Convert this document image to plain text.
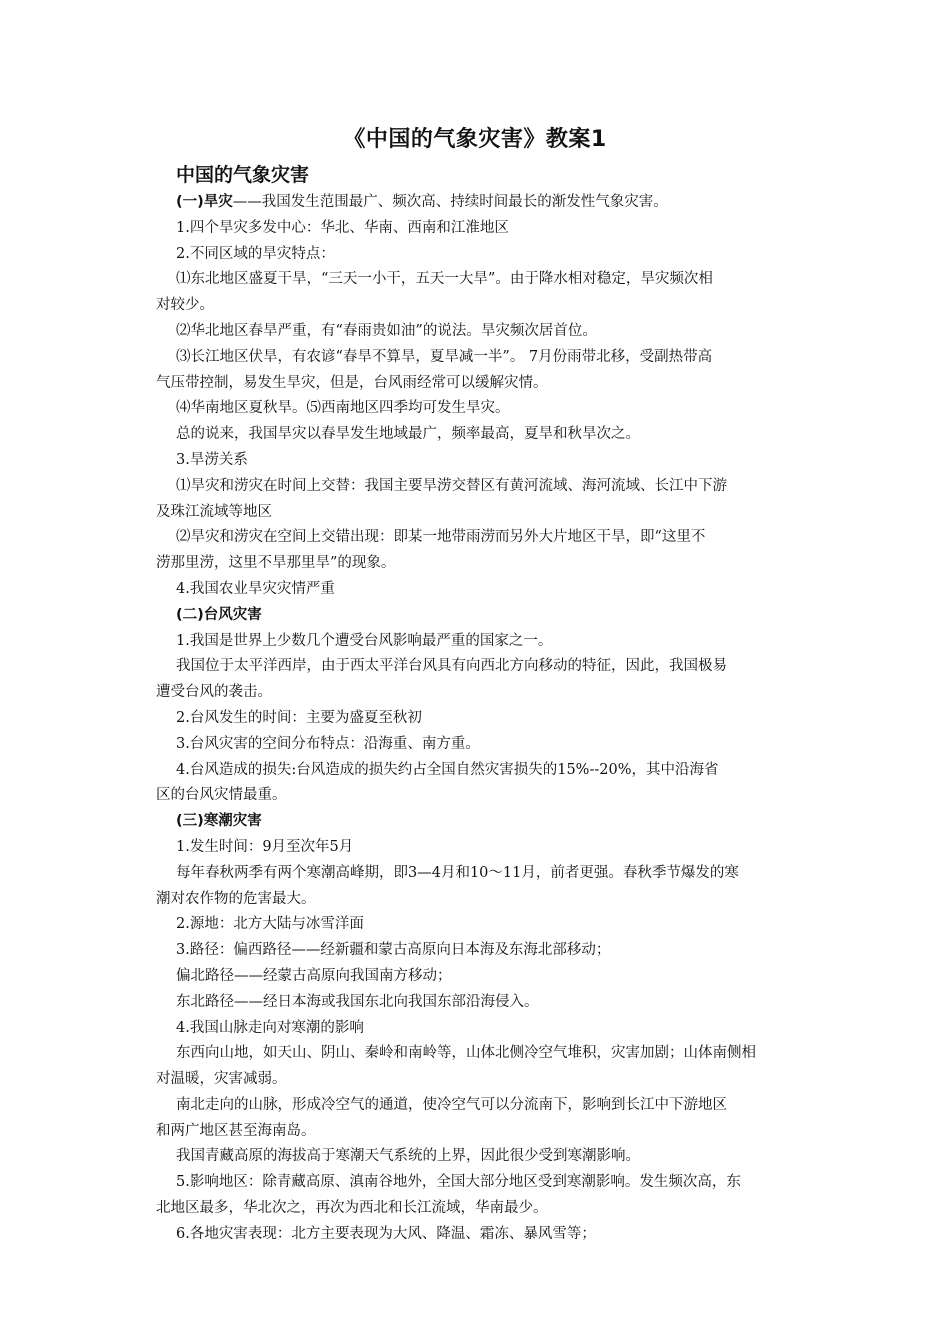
《中国的气象灾害》教案1
中国的气象灾害

(一)旱灾——我国发生范围最广、频次高、持续时间最长的渐发性气象灾害。

1.四个旱灾多发中心：华北、华南、西南和江淮地区

2.不同区域的旱灾特点：

⑴东北地区盛夏干旱，“三天一小干，五天一大旱”。由于降水相对稳定，旱灾频次相

对较少。

⑵华北地区春旱严重，有“春雨贵如油”的说法。旱灾频次居首位。

⑶长江地区伏旱，有农谚“春旱不算旱，夏旱减一半”。 7月份雨带北移，受副热带高

气压带控制，易发生旱灾，但是，台风雨经常可以缓解灾情。

⑷华南地区夏秋旱。⑸西南地区四季均可发生旱灾。

总的说来，我国旱灾以春旱发生地域最广，频率最高，夏旱和秋旱次之。

3.旱涝关系

⑴旱灾和涝灾在时间上交替：我国主要旱涝交替区有黄河流域、海河流域、长江中下游

及珠江流域等地区

⑵旱灾和涝灾在空间上交错出现：即某一地带雨涝而另外大片地区干旱，即“这里不

涝那里涝，这里不旱那里旱”的现象。

4.我国农业旱灾灾情严重

(二)台风灾害

1.我国是世界上少数几个遭受台风影响最严重的国家之一。

我国位于太平洋西岸，由于西太平洋台风具有向西北方向移动的特征，因此，我国极易

遭受台风的袭击。

2.台风发生的时间：主要为盛夏至秋初

3.台风灾害的空间分布特点：沿海重、南方重。

4.台风造成的损失:台风造成的损失约占全国自然灾害损失的15%--20%，其中沿海省

区的台风灾情最重。

(三)寒潮灾害

1.发生时间：9月至次年5月

每年春秋两季有两个寒潮高峰期，即3—4月和10～11月，前者更强。春秋季节爆发的寒

潮对农作物的危害最大。

2.源地：北方大陆与冰雪洋面

3.路径：偏西路径——经新疆和蒙古高原向日本海及东海北部移动；

偏北路径——经蒙古高原向我国南方移动；

东北路径——经日本海或我国东北向我国东部沿海侵入。

4.我国山脉走向对寒潮的影响

东西向山地，如天山、阴山、秦岭和南岭等，山体北侧冷空气堆积，灾害加剧；山体南侧相

对温暖，灾害减弱。

南北走向的山脉，形成冷空气的通道，使冷空气可以分流南下，影响到长江中下游地区

和两广地区甚至海南岛。

我国青藏高原的海拔高于寒潮天气系统的上界，因此很少受到寒潮影响。

5.影响地区：除青藏高原、滇南谷地外，全国大部分地区受到寒潮影响。发生频次高，东

北地区最多，华北次之，再次为西北和长江流域，华南最少。

6.各地灾害表现：北方主要表现为大风、降温、霜冻、暴风雪等；
